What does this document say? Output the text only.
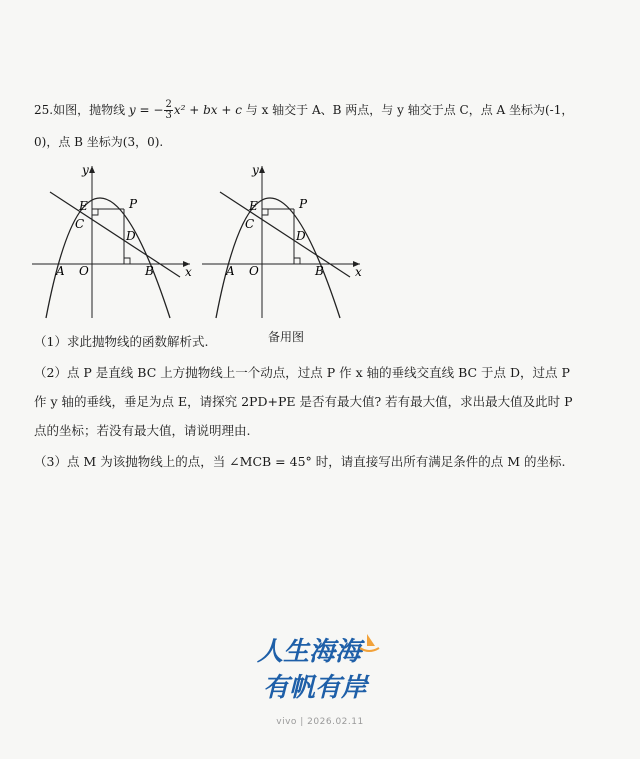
25.如图，抛物线 y = − $\frac{2}{3} x^2$ + bx + c 与 x 轴交于 A、B 两点，与 y 轴交于点 C，点 A 坐标为(-1，
0)，点 B 坐标为(3，0).
y
x
E	P
C
D
A O	B
y
x
E	P
C
D
A O	B
备用图
（1）求此抛物线的函数解析式.
（2）点 P 是直线 BC 上方抛物线上一个动点，过点 P 作 x 轴的垂线交直线 BC 于点 D，过点 P
作 y 轴的垂线，垂足为点 E，请探究 2PD+PE 是否有最大值? 若有最大值，求出最大值及此时 P
点的坐标；若没有最大值，请说明理由.
（3）点 M 为该抛物线上的点，当 ∠MCB = 45° 时，请直接写出所有满足条件的点 M 的坐标.
人生海海
有帆有岸
vivo | 2026.02.11
